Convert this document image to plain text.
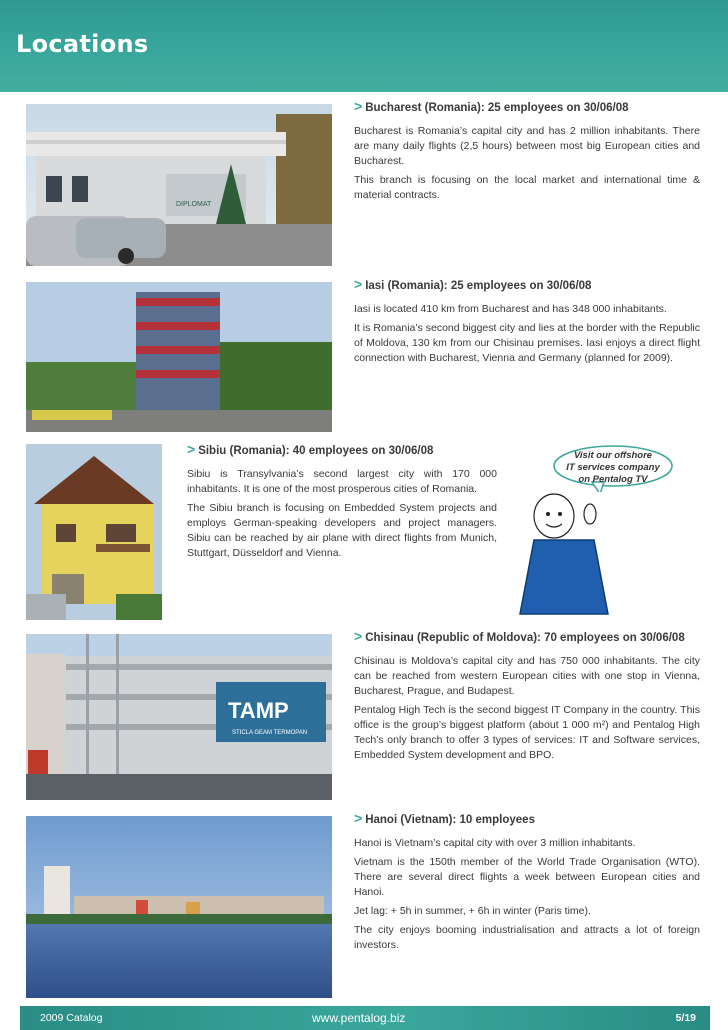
Locations
DIPLOMAT
> Bucharest (Romania): 25 employees on 30/06/08

Bucharest is Romania’s capital city and has 2 million inhabitants. There are many daily flights (2,5 hours) between most big European cities and Bucharest.

This branch is focusing on the local market and international time & material contracts.

> Iasi (Romania): 25 employees on 30/06/08

Iasi is located 410 km from Bucharest and has 348 000 inhabitants.

It is Romania’s second biggest city and lies at the border with the Republic of Moldova, 130 km from our Chisinau premises. Iasi enjoys a direct flight connection with Bucharest, Vienna and Germany (planned for 2009).

> Sibiu (Romania): 40 employees on 30/06/08

Sibiu is Transylvania’s second largest city with 170 000 inhabitants. It is one of the most prosperous cities of Romania.

The Sibiu branch is focusing on Embedded System projects and employs German-speaking developers and project managers. Sibiu can be reached by air plane with direct flights from Munich, Stuttgart, Düsseldorf and Vienna.

Visit our offshore
IT services company
on Pentalog TV
TAMP
STICLA GEAM TERMOPAN
> Chisinau (Republic of Moldova): 70 employees on 30/06/08

Chisinau is Moldova’s capital city and has 750 000 inhabitants. The city can be reached from western European cities with one stop in Vienna, Bucharest, Prague, and Budapest.

Pentalog High Tech is the second biggest IT Company in the country. This office is the group’s biggest platform (about 1 000 m²) and Pentalog High Tech’s only branch to offer 3 types of services: IT and Software services, Embedded System development and BPO.

> Hanoi (Vietnam): 10 employees

Hanoi is Vietnam’s capital city with over 3 million inhabitants.

Vietnam is the 150th member of the World Trade Organisation (WTO). There are several direct flights a week between European cities and Hanoi.

Jet lag: + 5h in summer, + 6h in winter (Paris time).

The city enjoys booming industrialisation and attracts a lot of foreign investors.

2009 Catalog	www.pentalog.biz	5/19
